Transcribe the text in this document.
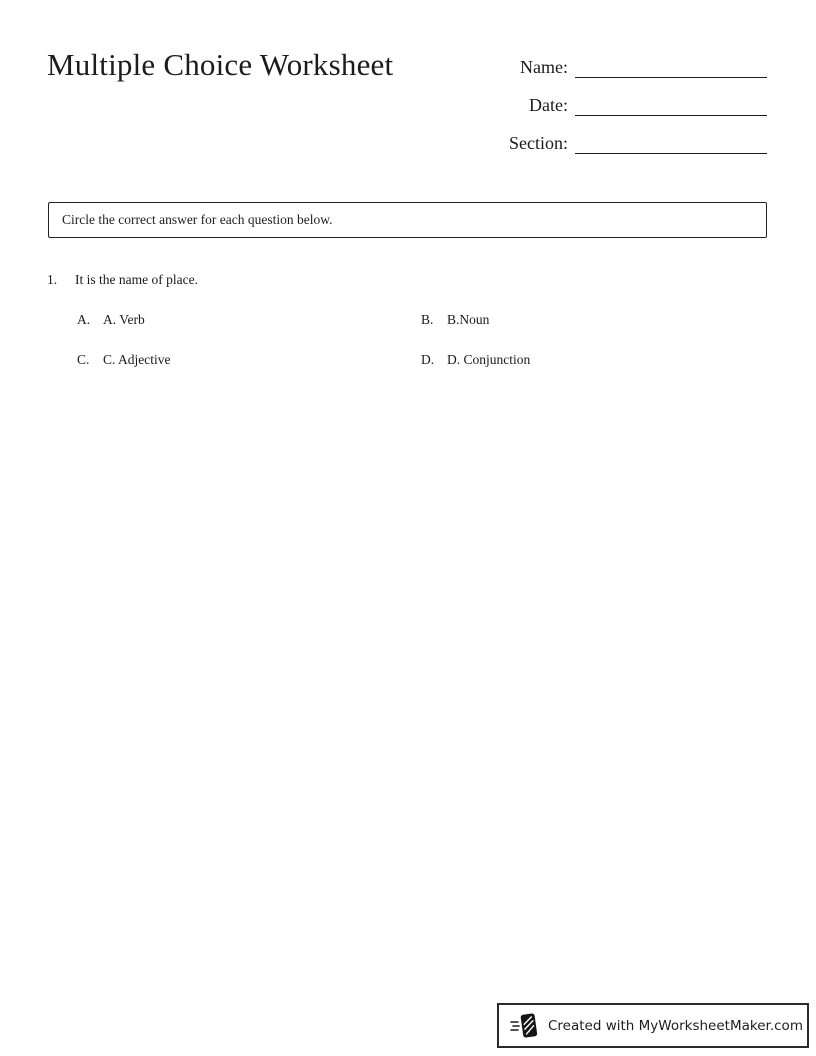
Multiple Choice Worksheet	Name:
Date:
Section:
Circle the correct answer for each question below.
1.	It is the name of place.
A. A. Verb	B.	B.Noun
C.	C. Adjective	D. D. Conjunction
Created with MyWorksheetMaker.com
